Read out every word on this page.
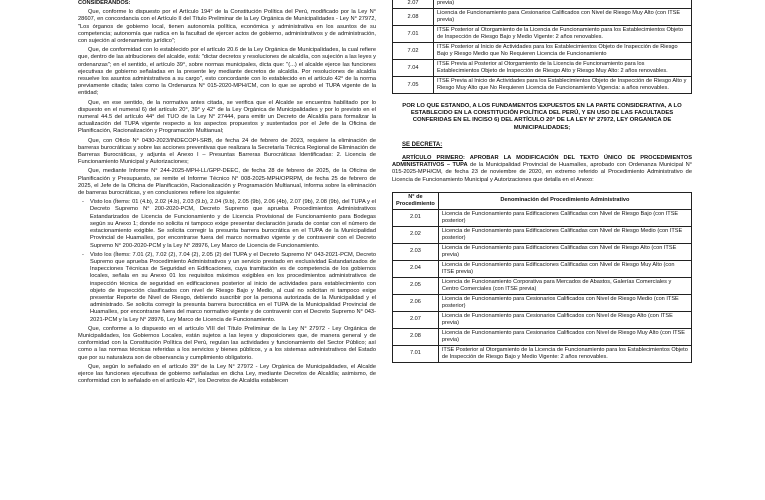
CONSIDERANDOS:

Que, conforme lo dispuesto por el Artículo 194° de la Constitución Política del Perú, modificado por la Ley N° 28607, en concordancia con el Artículo II del Título Preliminar de la Ley Orgánica de Municipalidades - Ley N° 27972, "Los órganos de gobierno local, tienen autonomía política, económica y administrativa en los asuntos de su competencia; autonomía que radica en la facultad de ejercer actos de gobierno, administrativos y de administración, con sujeción al ordenamiento jurídico";

Que, de conformidad con lo establecido por el artículo 20.6 de la Ley Orgánica de Municipalidades, la cual refiere que, dentro de las atribuciones del alcalde, está: "dictar decretos y resoluciones de alcaldía, con sujeción a las leyes y ordenanzas"; en el sentido, el artículo 39°, sobre normas municipales, dicta que: "(...) el alcalde ejerce las funciones ejecutivas de gobierno señaladas en la presente ley mediante decretos de alcaldía. Por resoluciones de alcaldía resuelve los asuntos administrativos a su cargo", esto concordante con lo establecido en el artículo 42° de la norma previamente citada; tales como la Ordenanza N° 015-2020-MPH/CM, con lo que se aprobó el TUPA vigente de la entidad;

Que, en ese sentido, de la normativa antes citada, se verifica que el Alcalde se encuentra habilitado por lo dispuesto en el numeral 6) del artículo 20°, 39° y 42° de la Ley Orgánica de Municipalidades y por lo previsto en el numeral 44.5 del artículo 44° del TUO de la Ley N° 27444, para emitir un Decreto de Alcaldía para formalizar la actualización del TUPA vigente respecto a los aspectos propuestos y sustentados por el Jefe de la Oficina de Planificación, Racionalización y Programación Multianual;

Que, con Oficio N° 0430-2023/INDECOPI-SRB, de fecha 24 de febrero de 2023, requiere la eliminación de barreras burocráticas y sobre las acciones preventivas que realizara la Secretaría Técnica Regional de Eliminación de Barreras Burocráticas, y adjunta el Anexo I – Presuntas Barreras Burocráticas Identificadas: 2. Licencia de Funcionamiento Municipal y Autorizaciones;

Que, mediante Informe N° 244-2025-MPH-LL/GPP-DEEC, de fecha 28 de febrero de 2025, de la Oficina de Planificación y Presupuesto, se remite el Informe Técnico N° 008-2025-MPH/OPRPM, de fecha 25 de febrero de 2025, el Jefe de la Oficina de Planificación, Racionalización y Programación Multianual, informa sobre la eliminación de barreras burocráticas, y en conclusiones refiere los siguiente:

- Visto los (Ítems: 01 (4.b), 2.02 (4.b), 2.03 (9.b), 2.04 (9.b), 2.05 (9b), 2.06 (4b), 2.07 (9b), 2.08 (9b), del TUPA y el Decreto Supremo N° 200-2020-PCM, Decreto Supremo que aprueba Procedimientos Administrativos Estandarizados de Licencia de Funcionamiento y de Licencia Provisional de Funcionamiento para Bodegas según su Anexo 1; donde no solicita ni tampoco exige presentar declaración jurada de contar con el número de estacionamiento exigible. Se solicita corregir la presunta barrera burocrática en el TUPA de la Municipalidad Provincial de Huamalíes, por encontrarse fuera del marco normativo vigente y de contravenir con el Decreto Supremo N° 200-2020-PCM y la Ley N° 28976, Ley Marco de Licencia de Funcionamiento.

- Visto los (Ítems: 7.01 (2), 7.02 (2), 7.04 (2), 2.05 (2) del TUPA y el Decreto Supremo N° 043-2021-PCM, Decreto Supremo que aprueba Procedimiento Administrativos y un servicio prestado en exclusividad Estandarizados de Inspecciones Técnicas de Seguridad en Edificaciones, cuya tramitación es de competencia de los gobiernos locales, señala en su Anexo 01 los requisitos máximos exigibles en los procedimientos administrativos de inspección técnica de seguridad en edificaciones posterior al inicio de actividades para establecimiento con objeto de inspección clasificados con nivel de Riesgo Bajo y Medio, al cual no solicitan ni tampoco exige presentar Reporte de Nivel de Riesgo, debiendo suscribir por la persona autorizada de la Municipalidad y el administrado. Se solicita corregir la presunta barrera burocrática en el TUPA de la Municipalidad Provincial de Huamalíes, por encontrarse fuera del marco normativo vigente y de contravenir con el Decreto Supremo N° 043-2021-PCM y la Ley N° 28976, Ley Marco de Licencia de Funcionamiento.

Que, conforme a lo dispuesto en el artículo VIII del Título Preliminar de la Ley N° 27972 - Ley Orgánica de Municipalidades, los Gobiernos Locales, están sujetos a las leyes y disposiciones que, de manera general y de conformidad con la Constitución Política del Perú, regulan las actividades y funcionamiento del Sector Público; así como a las normas técnicas referidas a los servicios y bienes públicos, y a los sistemas administrativos del Estado que por su naturaleza son de observancia y cumplimiento obligatorio.

Que, según lo señalado en el artículo 39° de la Ley N° 27972 - Ley Orgánica de Municipalidades, el Alcalde ejerce las funciones ejecutivas de gobierno señaladas en dicha Ley, mediante Decretos de Alcaldía; asimismo, de conformidad con lo señalado en el artículo 42°, los Decretos de Alcaldía establecen

2.07	previa)
2.08	Licencia de Funcionamiento para Cesionarios Calificados con Nivel de Riesgo Muy Alto (con ITSE previa)
7.01	ITSE Posterior al Otorgamiento de la Licencia de Funcionamiento para los Establecimientos Objeto de Inspección de Riesgo Bajo y Medio Vigente: 2 años renovables.
7.02	ITSE Posterior al Inicio de Actividades para los Establecimientos Objeto de Inspección de Riesgo Bajo y Riesgo Medio que No Requieren Licencia de Funcionamiento
7.04	ITSE Previa al Posterior al Otorgamiento de la Licencia de Funcionamiento para los Establecimientos Objeto de Inspección de Riesgo Alto y Riesgo Muy Alto: 2 años renovables.
7.05	ITSE Previa al Inicio de Actividades para los Establecimientos Objeto de Inspección de Riesgo Alto y Riesgo Muy Alto que No Requieren Licencia de Funcionamiento Vigencia: a años renovables.
POR LO QUE ESTANDO, A LOS FUNDAMENTOS EXPUESTOS EN LA PARTE CONSIDERATIVA, A LO ESTABLECIDO EN LA CONSTITUCIÓN POLÍTICA DEL PERÚ, Y EN USO DE LAS FACULTADES CONFERIDAS EN EL INCISO 6) DEL ARTÍCULO 20° DE LA LEY N° 27972, LEY ORGANICA DE MUNICIPALIDADES;
SE DECRETA:

ARTÍCULO PRIMERO: APROBAR LA MODIFICACIÓN DEL TEXTO ÚNICO DE PROCEDIMIENTOS ADMINISTRATIVOS – TUPA de la Municipalidad Provincial de Huamalíes, aprobado con Ordenanza Municipal N° 015-2025-MPH/CM, de fecha 23 de noviembre de 2020, en extremo referido al Procedimiento Administrativo de Licencia de Funcionamiento Municipal y Autorizaciones que detalla en el Anexo:

N° de Procedimiento	Denominación del Procedimiento Administrativo
2.01	Licencia de Funcionamiento para Edificaciones Calificadas con Nivel de Riesgo Bajo (con ITSE posterior)
2.02	Licencia de Funcionamiento para Edificaciones Calificadas con Nivel de Riesgo Medio (con ITSE posterior)
2.03	Licencia de Funcionamiento para Edificaciones Calificadas con Nivel de Riesgo Alto (con ITSE previa)
2.04	Licencia de Funcionamiento para Edificaciones Calificadas con Nivel de Riesgo Muy Alto (con ITSE previa)
2.05	Licencia de Funcionamiento Corporativa para Mercados de Abastos, Galerías Comerciales y Centro Comerciales (con ITSE previa)
2.06	Licencia de Funcionamiento para Cesionarios Calificados con Nivel de Riesgo Medio (con ITSE posterior)
2.07	Licencia de Funcionamiento para Cesionarios Calificados con Nivel de Riesgo Alto (con ITSE previa)
2.08	Licencia de Funcionamiento para Cesionarios Calificados con Nivel de Riesgo Muy Alto (con ITSE previa)
7.01	ITSE Posterior al Otorgamiento de la Licencia de Funcionamiento para los Establecimientos Objeto de Inspección de Riesgo Bajo y Medio Vigente: 2 años renovables.
